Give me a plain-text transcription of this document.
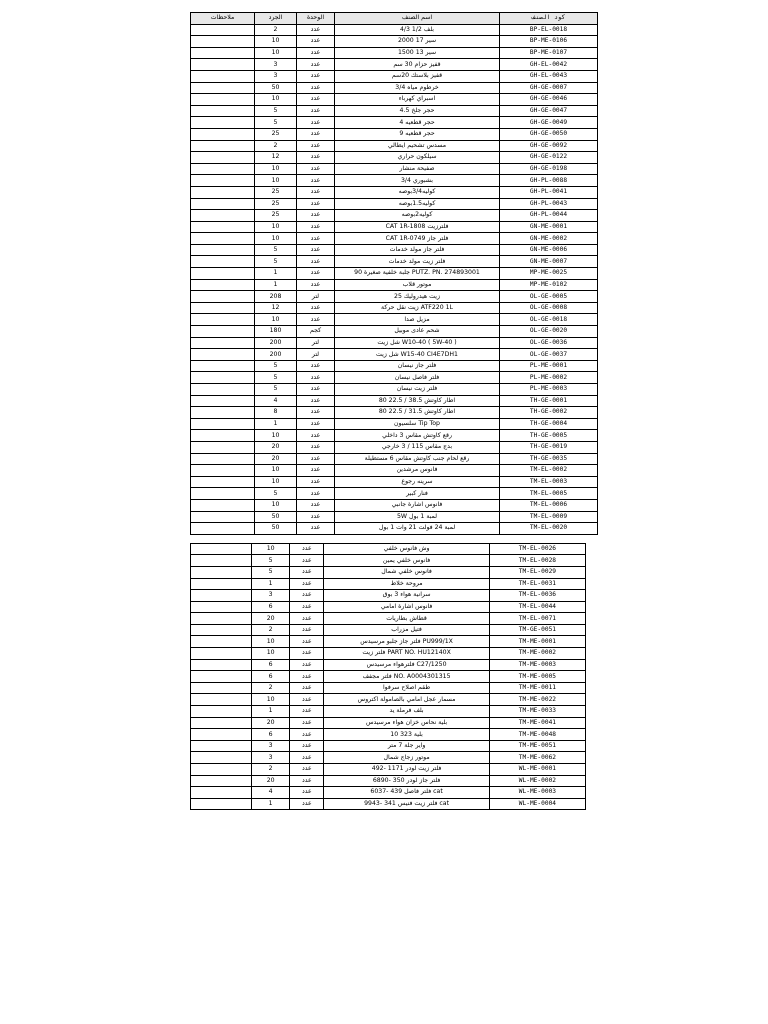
ملاحظات	الجرد	الوحدة	اسم الصنف	كود الصنف
	2	عدد	بلف 1/2 4/3	BP-EL-0018
	10	عدد	سير 17 2000	BP-ME-0106
	10	عدد	سير 13 1500	BP-ME-0107
	3	عدد	قفيز حزام 30 سم	GH-EL-0042
	3	عدد	قفيز بلاستك 20سم	GH-EL-0043
	50	عدد	خرطوم مياه 3/4	GH-GE-0007
	10	عدد	اسبراي كهرباء	GH-GE-0046
	5	عدد	حجر جلخ 4.5	GH-GE-0047
	5	عدد	حجر قطعيه 4	GH-GE-0049
	25	عدد	حجر قطعيه 9	GH-GE-0050
	2	عدد	مسدس تشحيم ايطالي	GH-GE-0092
	12	عدد	سيلكون حراري	GH-GE-0122
	10	عدد	صفيحة منشار	GH-GE-0198
	10	عدد	بشبوري 3/4	GH-PL-0088
	25	عدد	كوليه3/4بوصه	GH-PL-0041
	25	عدد	كوليه1.5بوصه	GH-PL-0043
	25	عدد	كوليه2بوصه	GH-PL-0044
	10	عدد	فلترزيت CAT 1R-1808	GN-ME-0001
	10	عدد	فلتر جاز CAT 1R-0749	GN-ME-0002
	5	عدد	فلتر جاز مولد خدمات	GN-ME-0006
	5	عدد	فلتر زيت مولد خدمات	GN-ME-0007
	1	عدد	PUTZ. PN. 274893001 جلبة خلفية صغيرة 90	MP-ME-0025
	1	عدد	موتور قلاب	MP-ME-0102
	208	لتر	زيت هيدروليك 25	OL-GE-0005
	12	عدد	ATF220 1L زيت نقل حركة	OL-GE-0008
	10	عدد	مزيل صدا	OL-GE-0018
	180	كجم	شحم عادى موبيل	OL-GE-0020
	200	لتر	W10-40 ( 5W-40 ) شل زيت	OL-GE-0036
	200	لتر	W15-40 CI4E7DH1 شل زيت	OL-GE-0037
	5	عدد	فلتر جاز نيسان	PL-ME-0001
	5	عدد	فلتر فاصل نيسان	PL-ME-0002
	5	عدد	فلتر زيت نيسان	PL-ME-0003
	4	عدد	اطار كاوتش 38.5 / 22.5 80	TH-GE-0001
	8	عدد	اطار كاوتش 31.5 / 22.5 80	TH-GE-0002
	1	عدد	Tip Top سلسيون	TH-GE-0004
	10	عدد	رقع كاوتش مقاس 3 داخلي	TH-GE-0005
	20	عدد	بدج مقاس 115 / 3 خارجي	TH-GE-0019
	20	عدد	رقع لحام جنب كاوتش مقاس 6 مستطيلة	TH-GE-0035
	10	عدد	فانوس مرشدين	TM-EL-0002
	10	عدد	سرينه رجوع	TM-EL-0003
	5	عدد	فنار كبير	TM-EL-0005
	10	عدد	فانوس اشارة جانبي	TM-EL-0006
	50	عدد	لمبة 1 بول 5W	TM-EL-0009
	50	عدد	لمبة 24 فولت 21 وات 1 بول	TM-EL-0020
	10	عدد	وش فانوس خلفي	TM-EL-0026
	5	عدد	فانوس خلفي يمين	TM-EL-0028
	5	عدد	فانوس خلفي شمال	TM-EL-0029
	1	عدد	مروحة خلاط	TM-EL-0031
	3	عدد	سرانية هواء 3 بوق	TM-EL-0036
	6	عدد	فانوس اشارة امامي	TM-EL-0044
	20	عدد	قطاش بطاريات	TM-EL-0071
	2	عدد	فتيل مزراب	TM-GE-0051
	10	عدد	PU999/1X فلتر جاز جلبو مرسيدس	TM-ME-0001
	10	عدد	PART NO. HU12140X فلتر زيت	TM-ME-0002
	6	عدد	C27/1250 فلترهواء مرسيدس	TM-ME-0003
	6	عدد	NO. A0004301315 فلتر مجفف	TM-ME-0005
	2	عدد	طقم اصلاح سرفوا	TM-ME-0011
	10	عدد	مسمار عجل امامي بالصامولة اكتروس	TM-ME-0022
	1	عدد	بلف فرملة يد	TM-ME-0033
	20	عدد	بلية نحاس خزان هواء مرسيدس	TM-ME-0041
	6	عدد	بلية 323 10	TM-ME-0048
	3	عدد	واير جلة 7 متر	TM-ME-0051
	3	عدد	موتور زجاج شمال	TM-ME-0062
	2	عدد	فلتر زيت لودر 1171 -492	WL-ME-0001
	20	عدد	فلتر جاز لودر 350 -6890	WL-ME-0002
	4	عدد	cat فلتر فاصل 439 -6037	WL-ME-0003
	1	عدد	cat فلتر زيت فنيس 341 -9943	WL-ME-0004
